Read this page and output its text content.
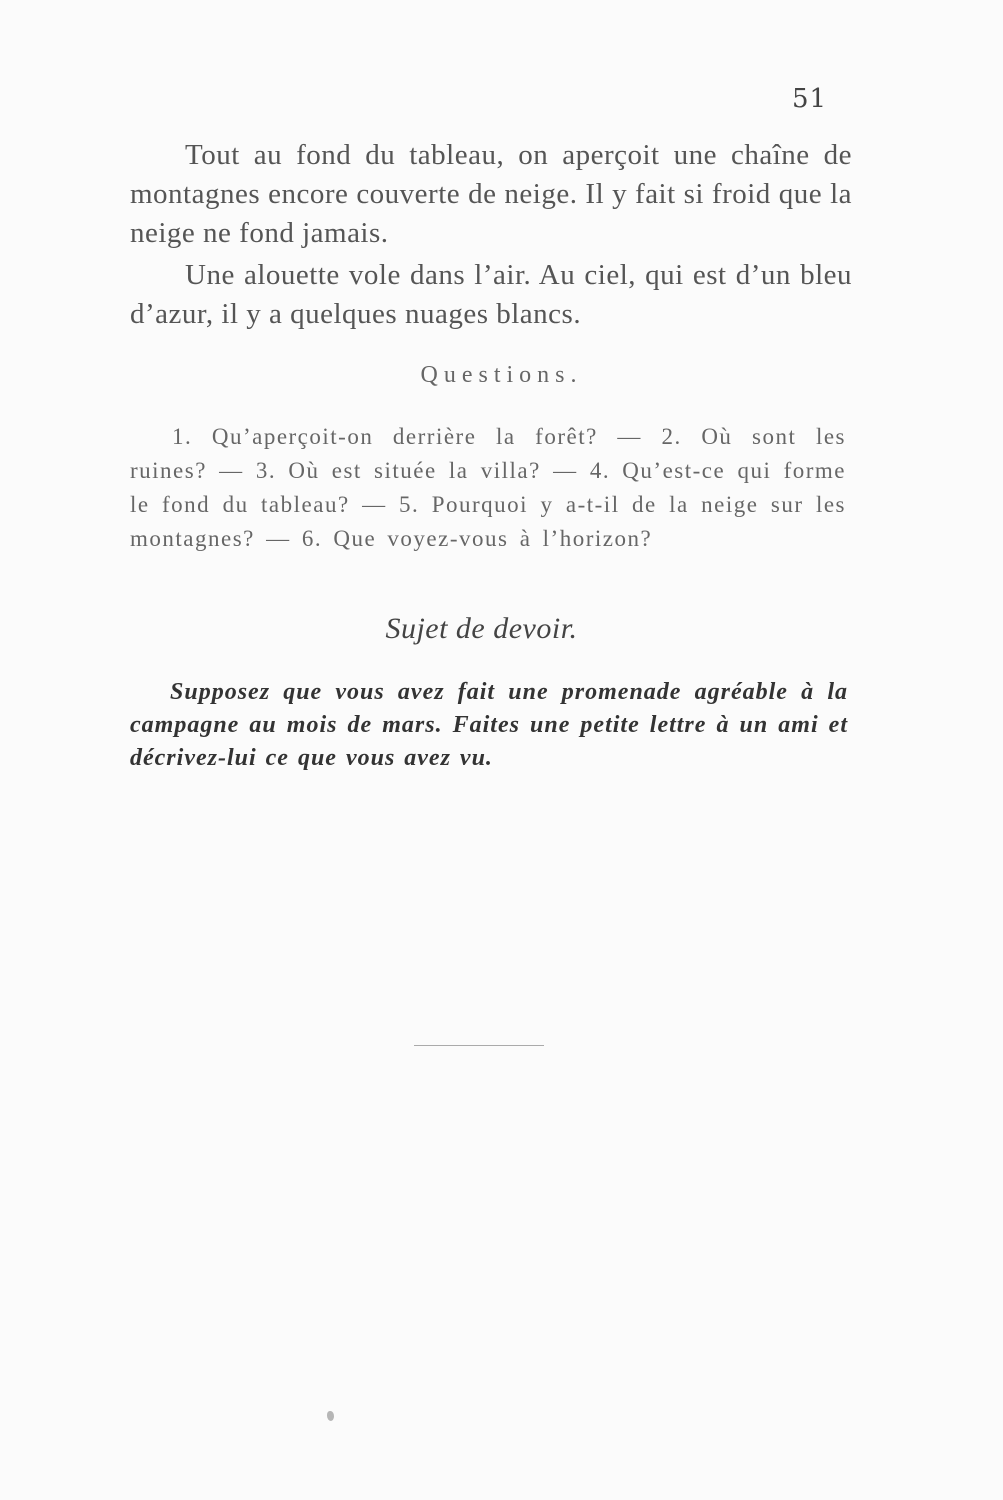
51

Tout au fond du tableau, on aperçoit une chaîne de montagnes encore couverte de neige. Il y fait si froid que la neige ne fond jamais.

Une alouette vole dans l’air. Au ciel, qui est d’un bleu d’azur, il y a quelques nuages blancs.

Questions.

1. Qu’aperçoit-on derrière la forêt? — 2. Où sont les ruines? — 3. Où est située la villa? — 4. Qu’est-ce qui forme le fond du tableau? — 5. Pourquoi y a-t-il de la neige sur les montagnes? — 6. Que voyez-vous à l’horizon?

Sujet de devoir.

Supposez que vous avez fait une promenade agréable à la campagne au mois de mars. Faites une petite lettre à un ami et décrivez-lui ce que vous avez vu.
